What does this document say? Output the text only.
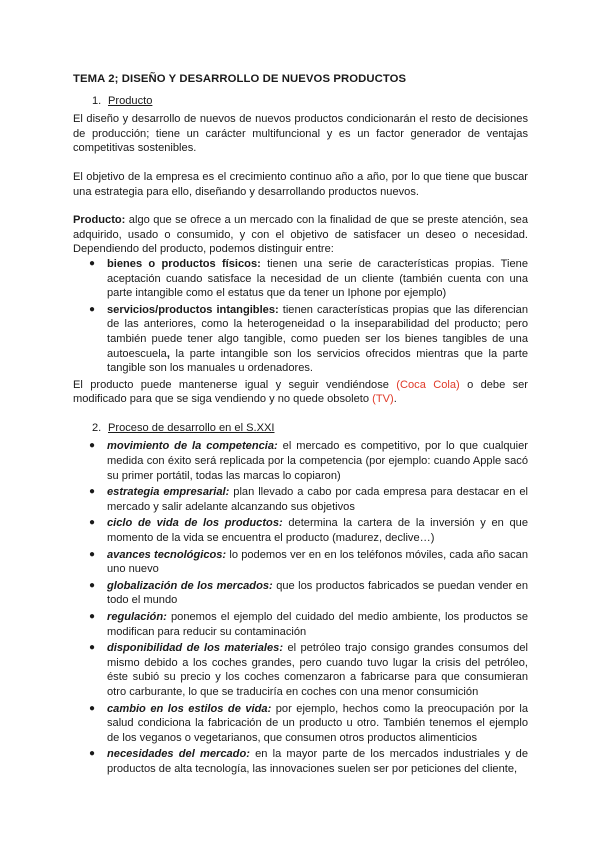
TEMA 2; DISEÑO Y DESARROLLO DE NUEVOS PRODUCTOS
1. Producto

El diseño y desarrollo de nuevos de nuevos productos condicionarán el resto de decisiones de producción; tiene un carácter multifuncional y es un factor generador de ventajas competitivas sostenibles.

El objetivo de la empresa es el crecimiento continuo año a año, por lo que tiene que buscar una estrategia para ello, diseñando y desarrollando productos nuevos.

Producto: algo que se ofrece a un mercado con la finalidad de que se preste atención, sea adquirido, usado o consumido, y con el objetivo de satisfacer un deseo o necesidad. Dependiendo del producto, podemos distinguir entre:

● bienes o productos físicos: tienen una serie de características propias. Tiene aceptación cuando satisface la necesidad de un cliente (también cuenta con una parte intangible como el estatus que da tener un Iphone por ejemplo)
● servicios/productos intangibles: tienen características propias que las diferencian de las anteriores, como la heterogeneidad o la inseparabilidad del producto; pero también puede tener algo tangible, como pueden ser los bienes tangibles de una autoescuela, la parte intangible son los servicios ofrecidos mientras que la parte tangible son los manuales u ordenadores.

El producto puede mantenerse igual y seguir vendiéndose (Coca Cola) o debe ser modificado para que se siga vendiendo y no quede obsoleto (TV).

2. Proceso de desarrollo en el S.XXI
● movimiento de la competencia: el mercado es competitivo, por lo que cualquier medida con éxito será replicada por la competencia (por ejemplo: cuando Apple sacó su primer portátil, todas las marcas lo copiaron)
● estrategia empresarial: plan llevado a cabo por cada empresa para destacar en el mercado y salir adelante alcanzando sus objetivos
● ciclo de vida de los productos: determina la cartera de la inversión y en que momento de la vida se encuentra el producto (madurez, declive…)
● avances tecnológicos: lo podemos ver en en los teléfonos móviles, cada año sacan uno nuevo
● globalización de los mercados: que los productos fabricados se puedan vender en todo el mundo
● regulación: ponemos el ejemplo del cuidado del medio ambiente, los productos se modifican para reducir su contaminación
● disponibilidad de los materiales: el petróleo trajo consigo grandes consumos del mismo debido a los coches grandes, pero cuando tuvo lugar la crisis del petróleo, éste subió su precio y los coches comenzaron a fabricarse para que consumieran otro carburante, lo que se traduciría en coches con una menor consumición
● cambio en los estilos de vida: por ejemplo, hechos como la preocupación por la salud condiciona la fabricación de un producto u otro. También tenemos el ejemplo de los veganos o vegetarianos, que consumen otros productos alimenticios
● necesidades del mercado: en la mayor parte de los mercados industriales y de productos de alta tecnología, las innovaciones suelen ser por peticiones del cliente,
